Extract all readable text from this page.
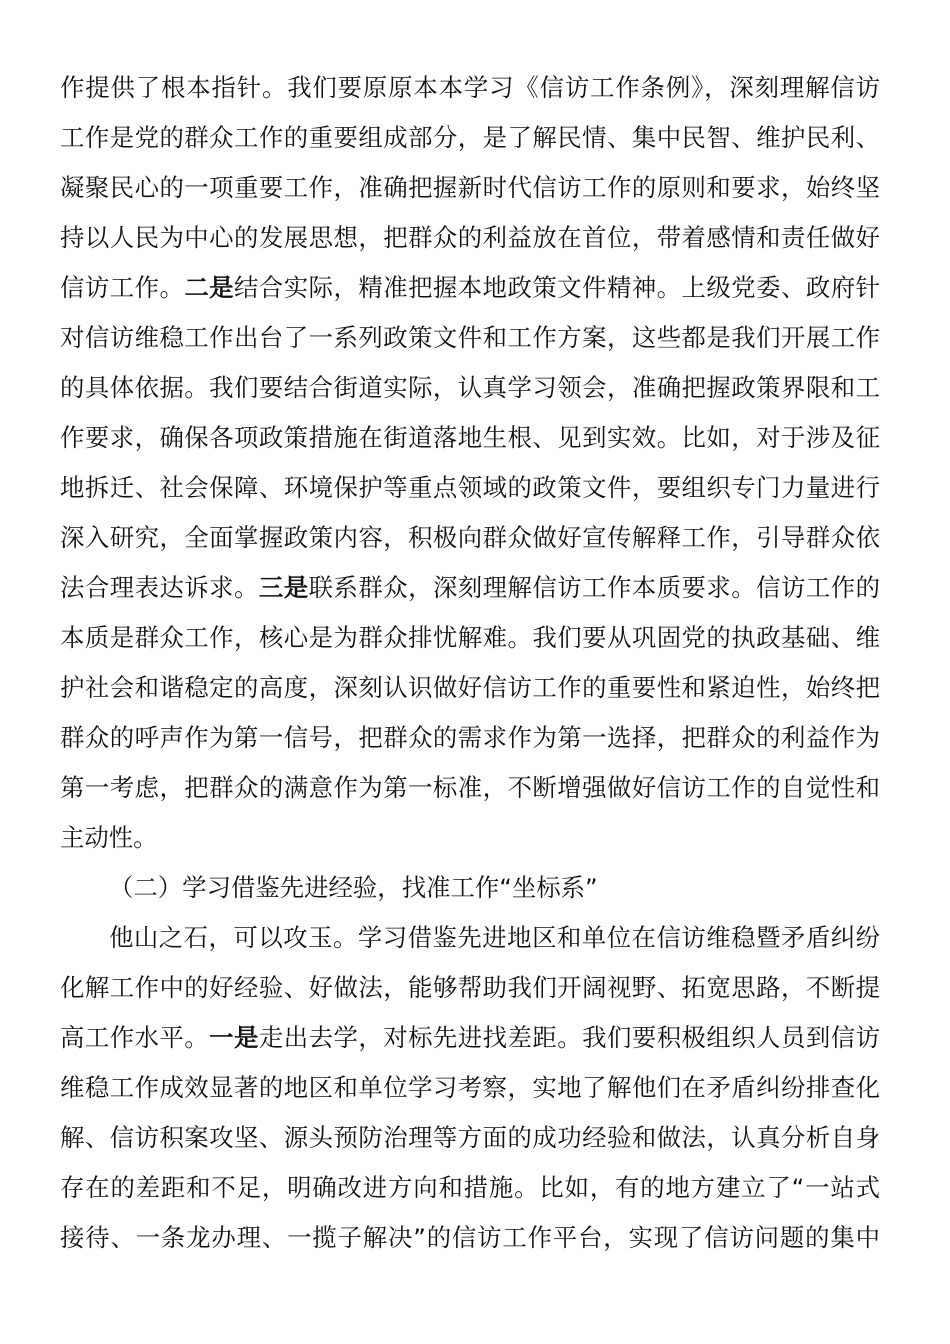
作提供了根本指针。我们要原原本本学习《信访工作条例》，深刻理解信访
工作是党的群众工作的重要组成部分，是了解民情、集中民智、维护民利、
凝聚民心的一项重要工作，准确把握新时代信访工作的原则和要求，始终坚
持以人民为中心的发展思想，把群众的利益放在首位，带着感情和责任做好
信访工作。二是结合实际，精准把握本地政策文件精神。上级党委、政府针
对信访维稳工作出台了一系列政策文件和工作方案，这些都是我们开展工作
的具体依据。我们要结合街道实际，认真学习领会，准确把握政策界限和工
作要求，确保各项政策措施在街道落地生根、见到实效。比如，对于涉及征
地拆迁、社会保障、环境保护等重点领域的政策文件，要组织专门力量进行
深入研究，全面掌握政策内容，积极向群众做好宣传解释工作，引导群众依
法合理表达诉求。三是联系群众，深刻理解信访工作本质要求。信访工作的
本质是群众工作，核心是为群众排忧解难。我们要从巩固党的执政基础、维
护社会和谐稳定的高度，深刻认识做好信访工作的重要性和紧迫性，始终把
群众的呼声作为第一信号，把群众的需求作为第一选择，把群众的利益作为
第一考虑，把群众的满意作为第一标准，不断增强做好信访工作的自觉性和
主动性。
（二）学习借鉴先进经验，找准工作“坐标系”
他山之石，可以攻玉。学习借鉴先进地区和单位在信访维稳暨矛盾纠纷
化解工作中的好经验、好做法，能够帮助我们开阔视野、拓宽思路，不断提
高工作水平。一是走出去学，对标先进找差距。我们要积极组织人员到信访
维稳工作成效显著的地区和单位学习考察，实地了解他们在矛盾纠纷排查化
解、信访积案攻坚、源头预防治理等方面的成功经验和做法，认真分析自身
存在的差距和不足，明确改进方向和措施。比如，有的地方建立了“一站式
接待、一条龙办理、一揽子解决”的信访工作平台，实现了信访问题的集中
